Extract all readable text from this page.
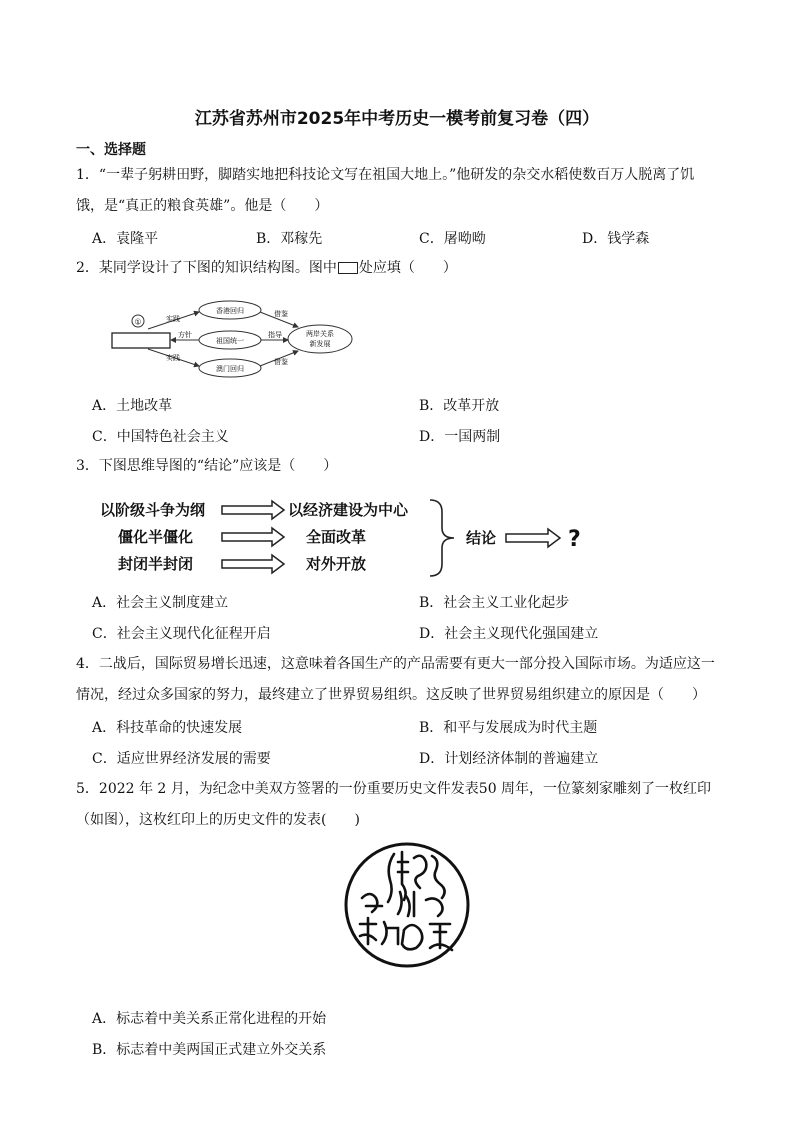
江苏省苏州市2025年中考历史一模考前复习卷（四）
一、选择题
1．“一辈子躬耕田野，脚踏实地把科技论文写在祖国大地上。”他研发的杂交水稻使数百万人脱离了饥
饿，是“真正的粮食英雄”。他是（　　）
A．袁隆平	B．邓稼先	C．屠呦呦	D．钱学森
2．某同学设计了下图的知识结构图。图中 处应填（　　）
①
香港回归
祖国统一
澳门回归
两岸关系
新发展
实践
方针
实践
指导
借鉴
借鉴
A．土地改革	B．改革开放
C．中国特色社会主义	D．一国两制
3．下图思维导图的“结论”应该是（　　）
以阶级斗争为纲
僵化半僵化
封闭半封闭
以经济建设为中心
全面改革
对外开放
结论	?
A．社会主义制度建立	B．社会主义工业化起步
C．社会主义现代化征程开启	D．社会主义现代化强国建立
4．二战后，国际贸易增长迅速，这意味着各国生产的产品需要有更大一部分投入国际市场。为适应这一
情况，经过众多国家的努力，最终建立了世界贸易组织。这反映了世界贸易组织建立的原因是（　　）
A．科技革命的快速发展	B．和平与发展成为时代主题
C．适应世界经济发展的需要	D．计划经济体制的普遍建立
5．2022 年 2 月，为纪念中美双方签署的一份重要历史文件发表50 周年，一位篆刻家雕刻了一枚红印
（如图），这枚红印上的历史文件的发表(　　)
A．标志着中美关系正常化进程的开始
B．标志着中美两国正式建立外交关系
